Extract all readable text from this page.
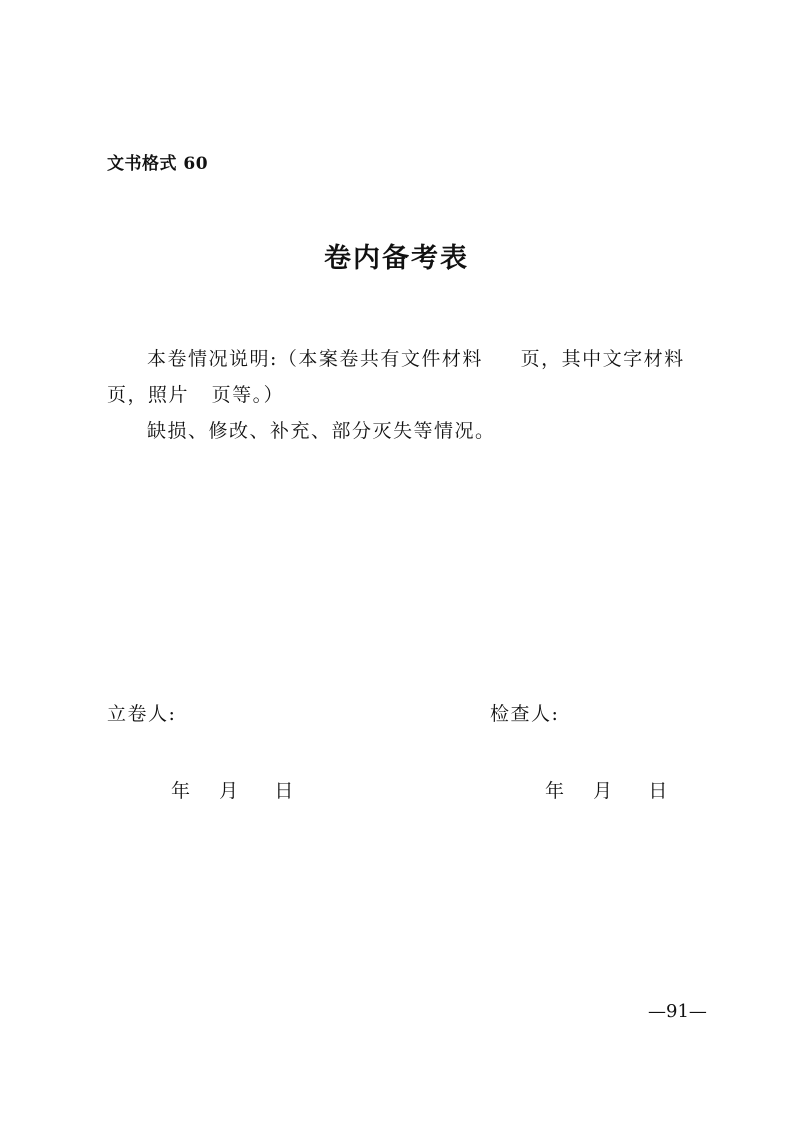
文书格式 60
卷内备考表
本卷情况说明:（本案卷共有文件材料     页，其中文字材料     页，照片   页等。）
缺损、修改、补充、部分灭失等情况。
立卷人:	检查人:
年    月     日	年    月     日
—91—
